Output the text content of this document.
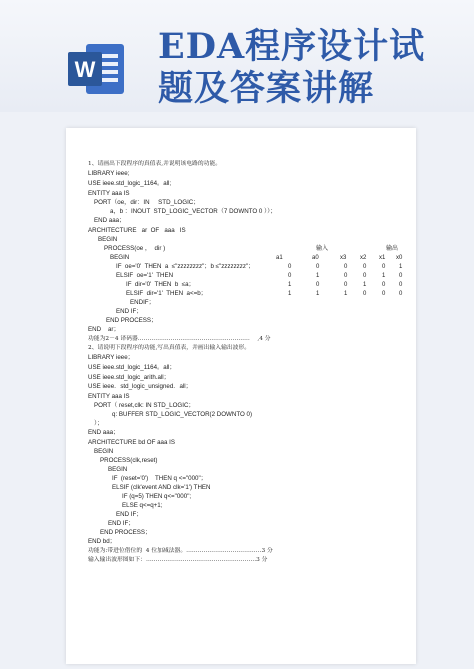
W
EDA程序设计试
题及答案讲解
1、请画出下段程序的真值表,并说明该电路的功能。
LIBRARY ieee;
USE ieee.std_logic_1164。all;
ENTITY aaa IS
PORT（oe，dir：IN     STD_LOGIC；
a，b ：INOUT  STD_LOGIC_VECTOR（7 DOWNTO 0 ））；
END aaa；
ARCHITECTURE   ar  OF   aaa   IS
BEGIN
PROCESS(oe ，  dir )
BEGIN
IF  oe='0'  THEN  a  ≤"zzzzzzzz"；b ≤"zzzzzzzz"；
ELSIF  oe='1'  THEN
IF  dir='0'  THEN  b  ≤a；
ELSIF  dir='1'  THEN  a<=b；
ENDIF；
END IF；
END PROCESS；
END    ar；
功能为2－4 译码器…………………………………………………．  ,4 分
输入	输出
a1	a0	x3 x2 x1 x0
0	0	0	0	0 1
0	1	0	0	1 0
1	0	0	1	0 0
1	1	1	0	0 0
2、请说明下段程序的功能,写出真值表，并画出输入输出波形。
LIBRARY ieee；
USE ieee.std_logic_1164。all；
USE ieee.std_logic_arith.all；
USE ieee．std_logic_unsigned．all；
ENTITY aaa IS
PORT（ reset,clk: IN STD_LOGIC；
q: BUFFER STD_LOGIC_VECTOR(2 DOWNTO 0)
）；
END aaa；
ARCHITECTURE bd OF aaa IS
BEGIN
PROCESS(clk,reset)
BEGIN
IF  (reset='0')    THEN q <="000"；
ELSIF (clk'event AND clk='1') THEN
IF (q=5) THEN q<="000";
ELSE q<=q+1;
END IF；
END IF；
END PROCESS；
END bd；
功能为:带进位借位的  4 位加减法器。…………………………………3 分
输入输出波形图如下：…………………………………………………3 分
